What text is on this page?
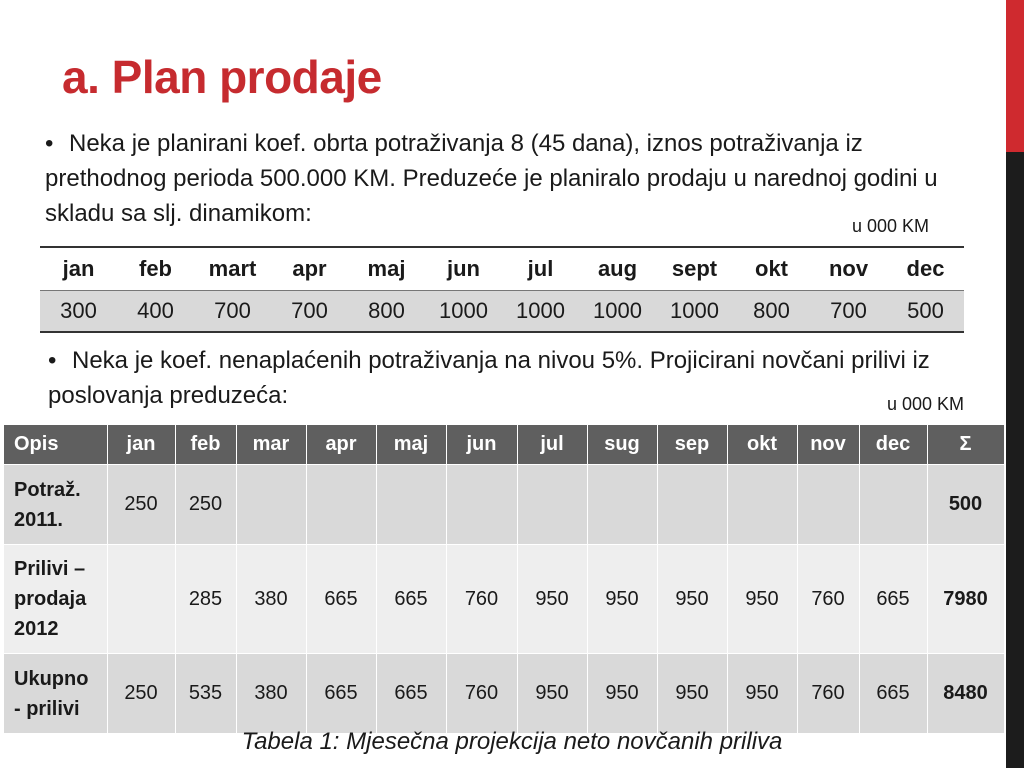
a. Plan prodaje

• Neka je planirani koef. obrta potraživanja 8 (45 dana), iznos potraživanja iz prethodnog perioda 500.000 KM. Preduzeće je planiralo prodaju u narednoj godini u skladu sa slj. dinamikom:	u 000 KM
jan	feb	mart	apr	maj	jun	jul	aug	sept	okt	nov	dec
300	400	700	700	800	1000	1000	1000	1000	800	700	500

• Neka je koef. nenaplaćenih potraživanja na nivou 5%. Projicirani novčani prilivi iz poslovanja preduzeća:	u 000 KM
Opis	jan	feb	mar	apr	maj	jun	jul	sug	sep	okt	nov	dec	Σ
Potraž. 2011.	250	250											500
Prilivi – prodaja 2012		285	380	665	665	760	950	950	950	950	760	665	7980
Ukupno - prilivi	250	535	380	665	665	760	950	950	950	950	760	665	8480
Tabela 1: Mjesečna projekcija neto novčanih priliva
